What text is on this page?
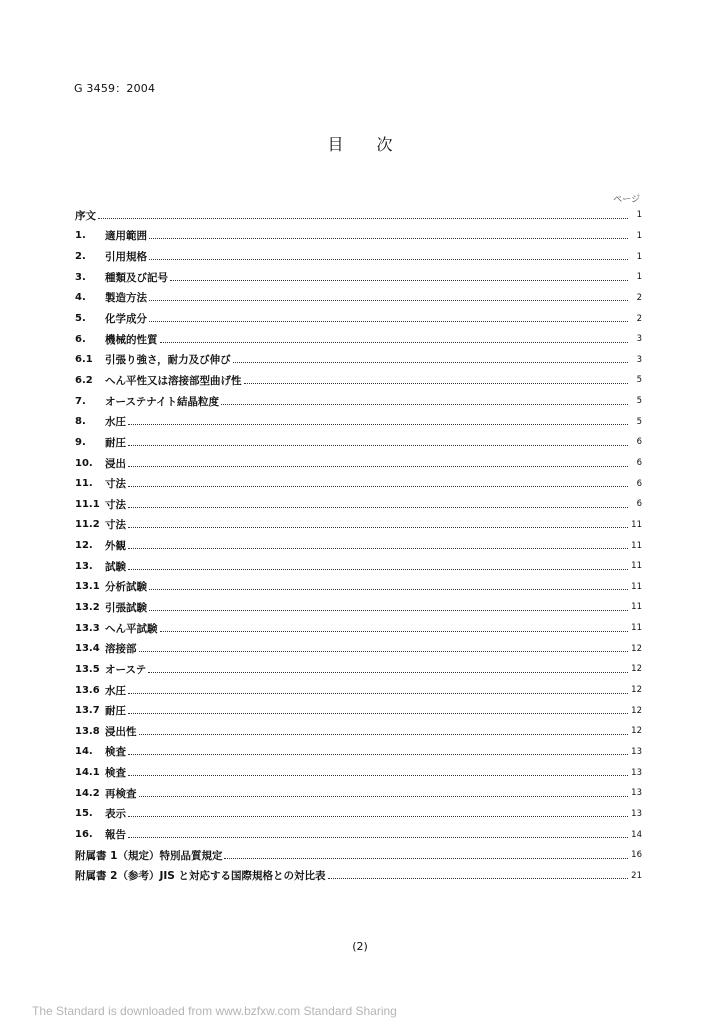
G 3459：2004
目 次
ページ
序文	1
1.	適用範囲	1
2.	引用規格	1
3.	種類及び記号	1
4.	製造方法	2
5.	化学成分	2
6.	機械的性質	3
6.1	引張り強さ，耐力及び伸び	3
6.2	へん平性又は溶接部型曲げ性	5
7.	オーステナイト結晶粒度	5
8.	水圧	5
9.	耐圧	6
10.	浸出	6
11.	寸法	6
11.1 寸法	6
11.2 寸法	11
12.	外観	11
13.	試験	11
13.1 分析試験	11
13.2 引張試験	11
13.3 へん平試験	11
13.4 溶接部	12
13.5 オーステ	12
13.6 水圧	12
13.7 耐圧	12
13.8 浸出性	12
14.	検査	13
14.1 検査	13
14.2 再検査	13
15.	表示	13
16.	報告	14
附属書 1（規定）特別品質規定	16
附属書 2（参考）JIS と対応する国際規格との対比表	21
(2)
The Standard is downloaded from www.bzfxw.com Standard Sharing
